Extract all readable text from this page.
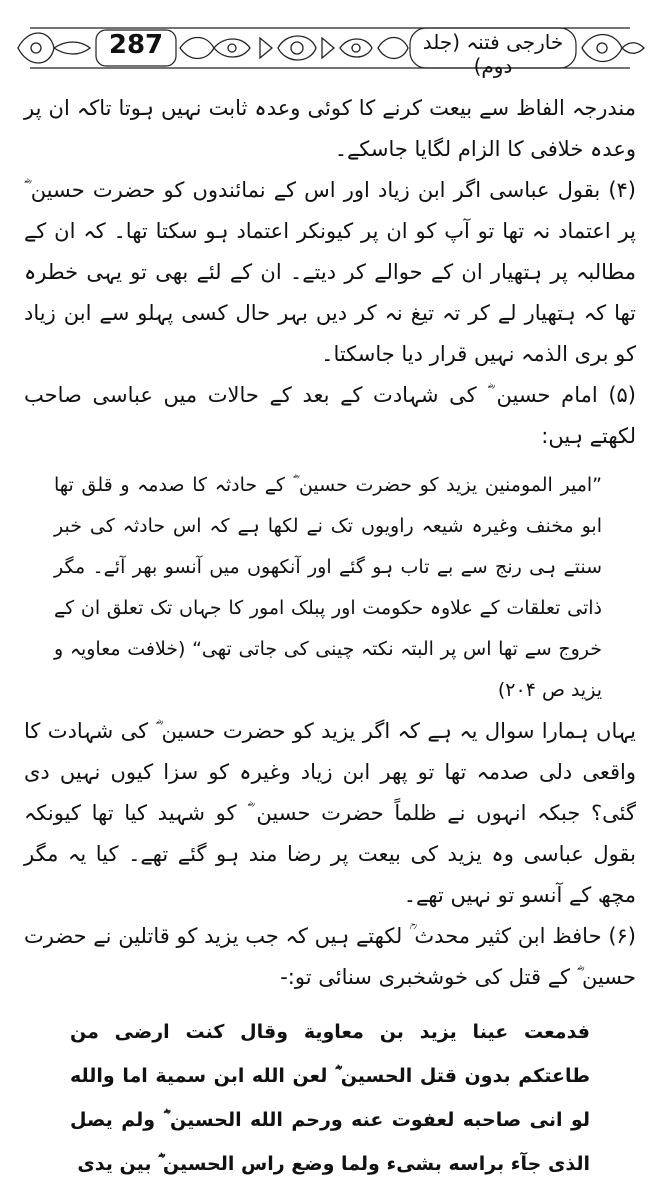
287	خارجی فتنہ (جلد دوم)

مندرجہ الفاظ سے بیعت کرنے کا کوئی وعدہ ثابت نہیں ہوتا تاکہ ان پر وعدہ خلافی کا الزام لگایا جاسکے۔

(۴) بقول عباسی اگر ابن زیاد اور اس کے نمائندوں کو حضرت حسین ؓ پر اعتماد نہ تھا تو آپ کو ان پر کیونکر اعتماد ہو سکتا تھا۔ کہ ان کے مطالبہ پر ہتھیار ان کے حوالے کر دیتے۔ ان کے لئے بھی تو یہی خطرہ تھا کہ ہتھیار لے کر تہ تیغ نہ کر دیں بہر حال کسی پہلو سے ابن زیاد کو بری الذمہ نہیں قرار دیا جاسکتا۔

(۵) امام حسین ؓ کی شہادت کے بعد کے حالات میں عباسی صاحب لکھتے ہیں:

”امیر المومنین یزید کو حضرت حسین ؓ کے حادثہ کا صدمہ و قلق تھا ابو مخنف وغیرہ شیعہ راویوں تک نے لکھا ہے کہ اس حادثہ کی خبر سنتے ہی رنج سے بے تاب ہو گئے اور آنکھوں میں آنسو بھر آئے۔ مگر ذاتی تعلقات کے علاوہ حکومت اور پبلک امور کا جہاں تک تعلق ان کے خروج سے تھا اس پر البتہ نکتہ چینی کی جاتی تھی“ (خلافت معاویہ و یزید ص ۲۰۴)

یہاں ہمارا سوال یہ ہے کہ اگر یزید کو حضرت حسین ؓ کی شہادت کا واقعی دلی صدمہ تھا تو پھر ابن زیاد وغیرہ کو سزا کیوں نہیں دی گئی؟ جبکہ انہوں نے ظلماً حضرت حسین ؓ کو شہید کیا تھا کیونکہ بقول عباسی وہ یزید کی بیعت پر رضا مند ہو گئے تھے۔ کیا یہ مگر مچھ کے آنسو تو نہیں تھے۔

(۶) حافظ ابن کثیر محدث ؒ لکھتے ہیں کہ جب یزید کو قاتلین نے حضرت حسین ؓ کے قتل کی خوشخبری سنائی تو:-

فدمعت عينا يزيد بن معاوية وقال كنت ارضى من طاعتكم بدون قتل الحسين ؓ لعن الله ابن سمية اما والله لو انى صاحبه لعفوت عنه ورحم الله الحسين ؓ ولم يصل الذى جآء براسه بشىء ولما وضع راس الحسين ؓ بين يدى
